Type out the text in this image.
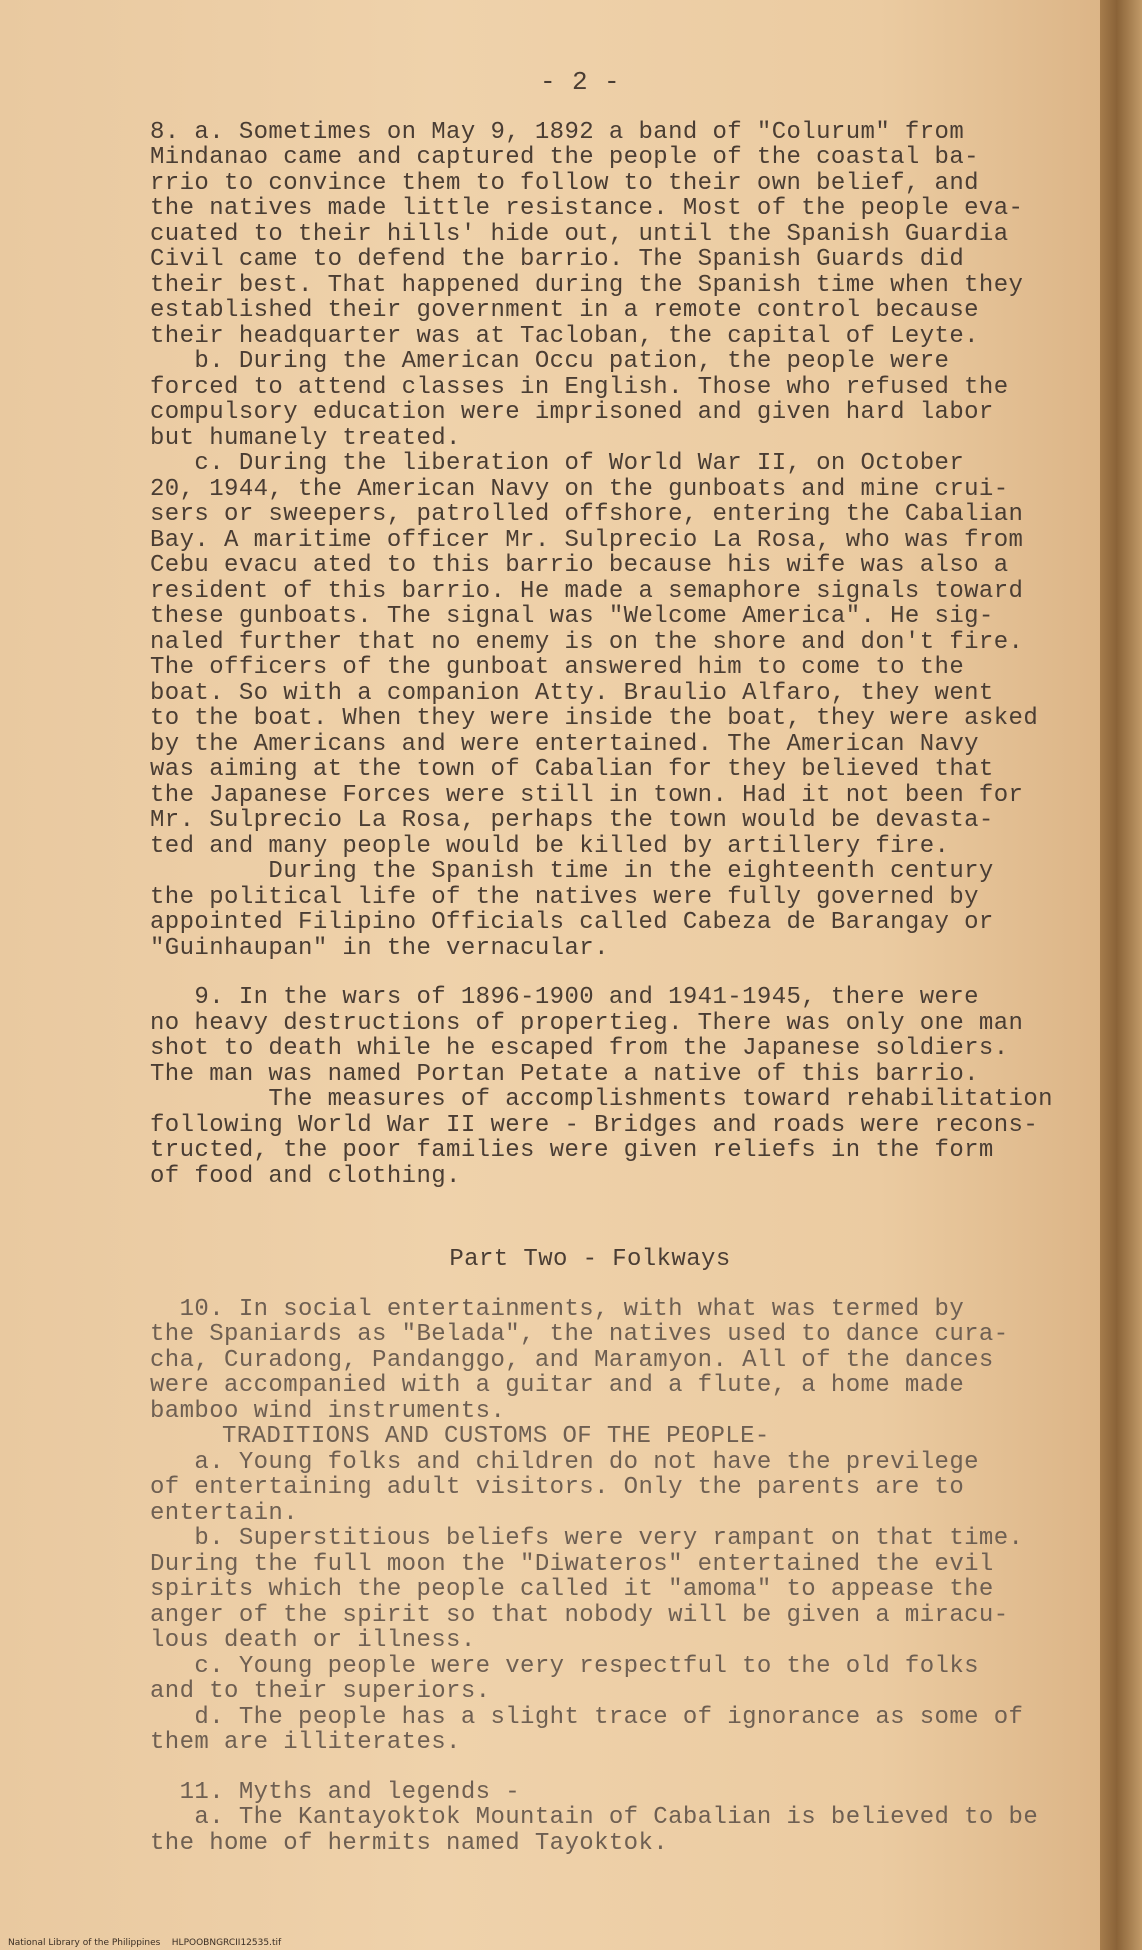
- 2 -
8. a. Sometimes on May 9, 1892 a band of "Colurum" from
Mindanao came and captured the people of the coastal ba-
rrio to convince them to follow to their own belief, and
the natives made little resistance. Most of the people eva-
cuated to their hills' hide out, until the Spanish Guardia
Civil came to defend the barrio. The Spanish Guards did
their best. That happened during the Spanish time when they
established their government in a remote control because
their headquarter was at Tacloban, the capital of Leyte.
b. During the American Occu pation, the people were
forced to attend classes in English. Those who refused the
compulsory education were imprisoned and given hard labor
but humanely treated.
c. During the liberation of World War II, on October
20, 1944, the American Navy on the gunboats and mine crui-
sers or sweepers, patrolled offshore, entering the Cabalian
Bay. A maritime officer Mr. Sulprecio La Rosa, who was from
Cebu evacu ated to this barrio because his wife was also a
resident of this barrio. He made a semaphore signals toward
these gunboats. The signal was "Welcome America". He sig-
naled further that no enemy is on the shore and don't fire.
The officers of the gunboat answered him to come to the
boat. So with a companion Atty. Braulio Alfaro, they went
to the boat. When they were inside the boat, they were asked
by the Americans and were entertained. The American Navy
was aiming at the town of Cabalian for they believed that
the Japanese Forces were still in town. Had it not been for
Mr. Sulprecio La Rosa, perhaps the town would be devasta-
ted and many people would be killed by artillery fire.
During the Spanish time in the eighteenth century
the political life of the natives were fully governed by
appointed Filipino Officials called Cabeza de Barangay or
"Guinhaupan" in the vernacular.
9. In the wars of 1896-1900 and 1941-1945, there were
no heavy destructions of propertieg. There was only one man
shot to death while he escaped from the Japanese soldiers.
The man was named Portan Petate a native of this barrio.
The measures of accomplishments toward rehabilitation
following World War II were - Bridges and roads were recons-
tructed, the poor families were given reliefs in the form
of food and clothing.
Part Two - Folkways
10. In social entertainments, with what was termed by
the Spaniards as "Belada", the natives used to dance cura-
cha, Curadong, Pandanggo, and Maramyon. All of the dances
were accompanied with a guitar and a flute, a home made
bamboo wind instruments.
TRADITIONS AND CUSTOMS OF THE PEOPLE-
a. Young folks and children do not have the previlege
of entertaining adult visitors. Only the parents are to
entertain.
b. Superstitious beliefs were very rampant on that time.
During the full moon the "Diwateros" entertained the evil
spirits which the people called it "amoma" to appease the
anger of the spirit so that nobody will be given a miracu-
lous death or illness.
c. Young people were very respectful to the old folks
and to their superiors.
d. The people has a slight trace of ignorance as some of
them are illiterates.
11. Myths and legends -
a. The Kantayoktok Mountain of Cabalian is believed to be
the home of hermits named Tayoktok.
National Library of the Philippines    HLPOOBNGRCII12535.tif
